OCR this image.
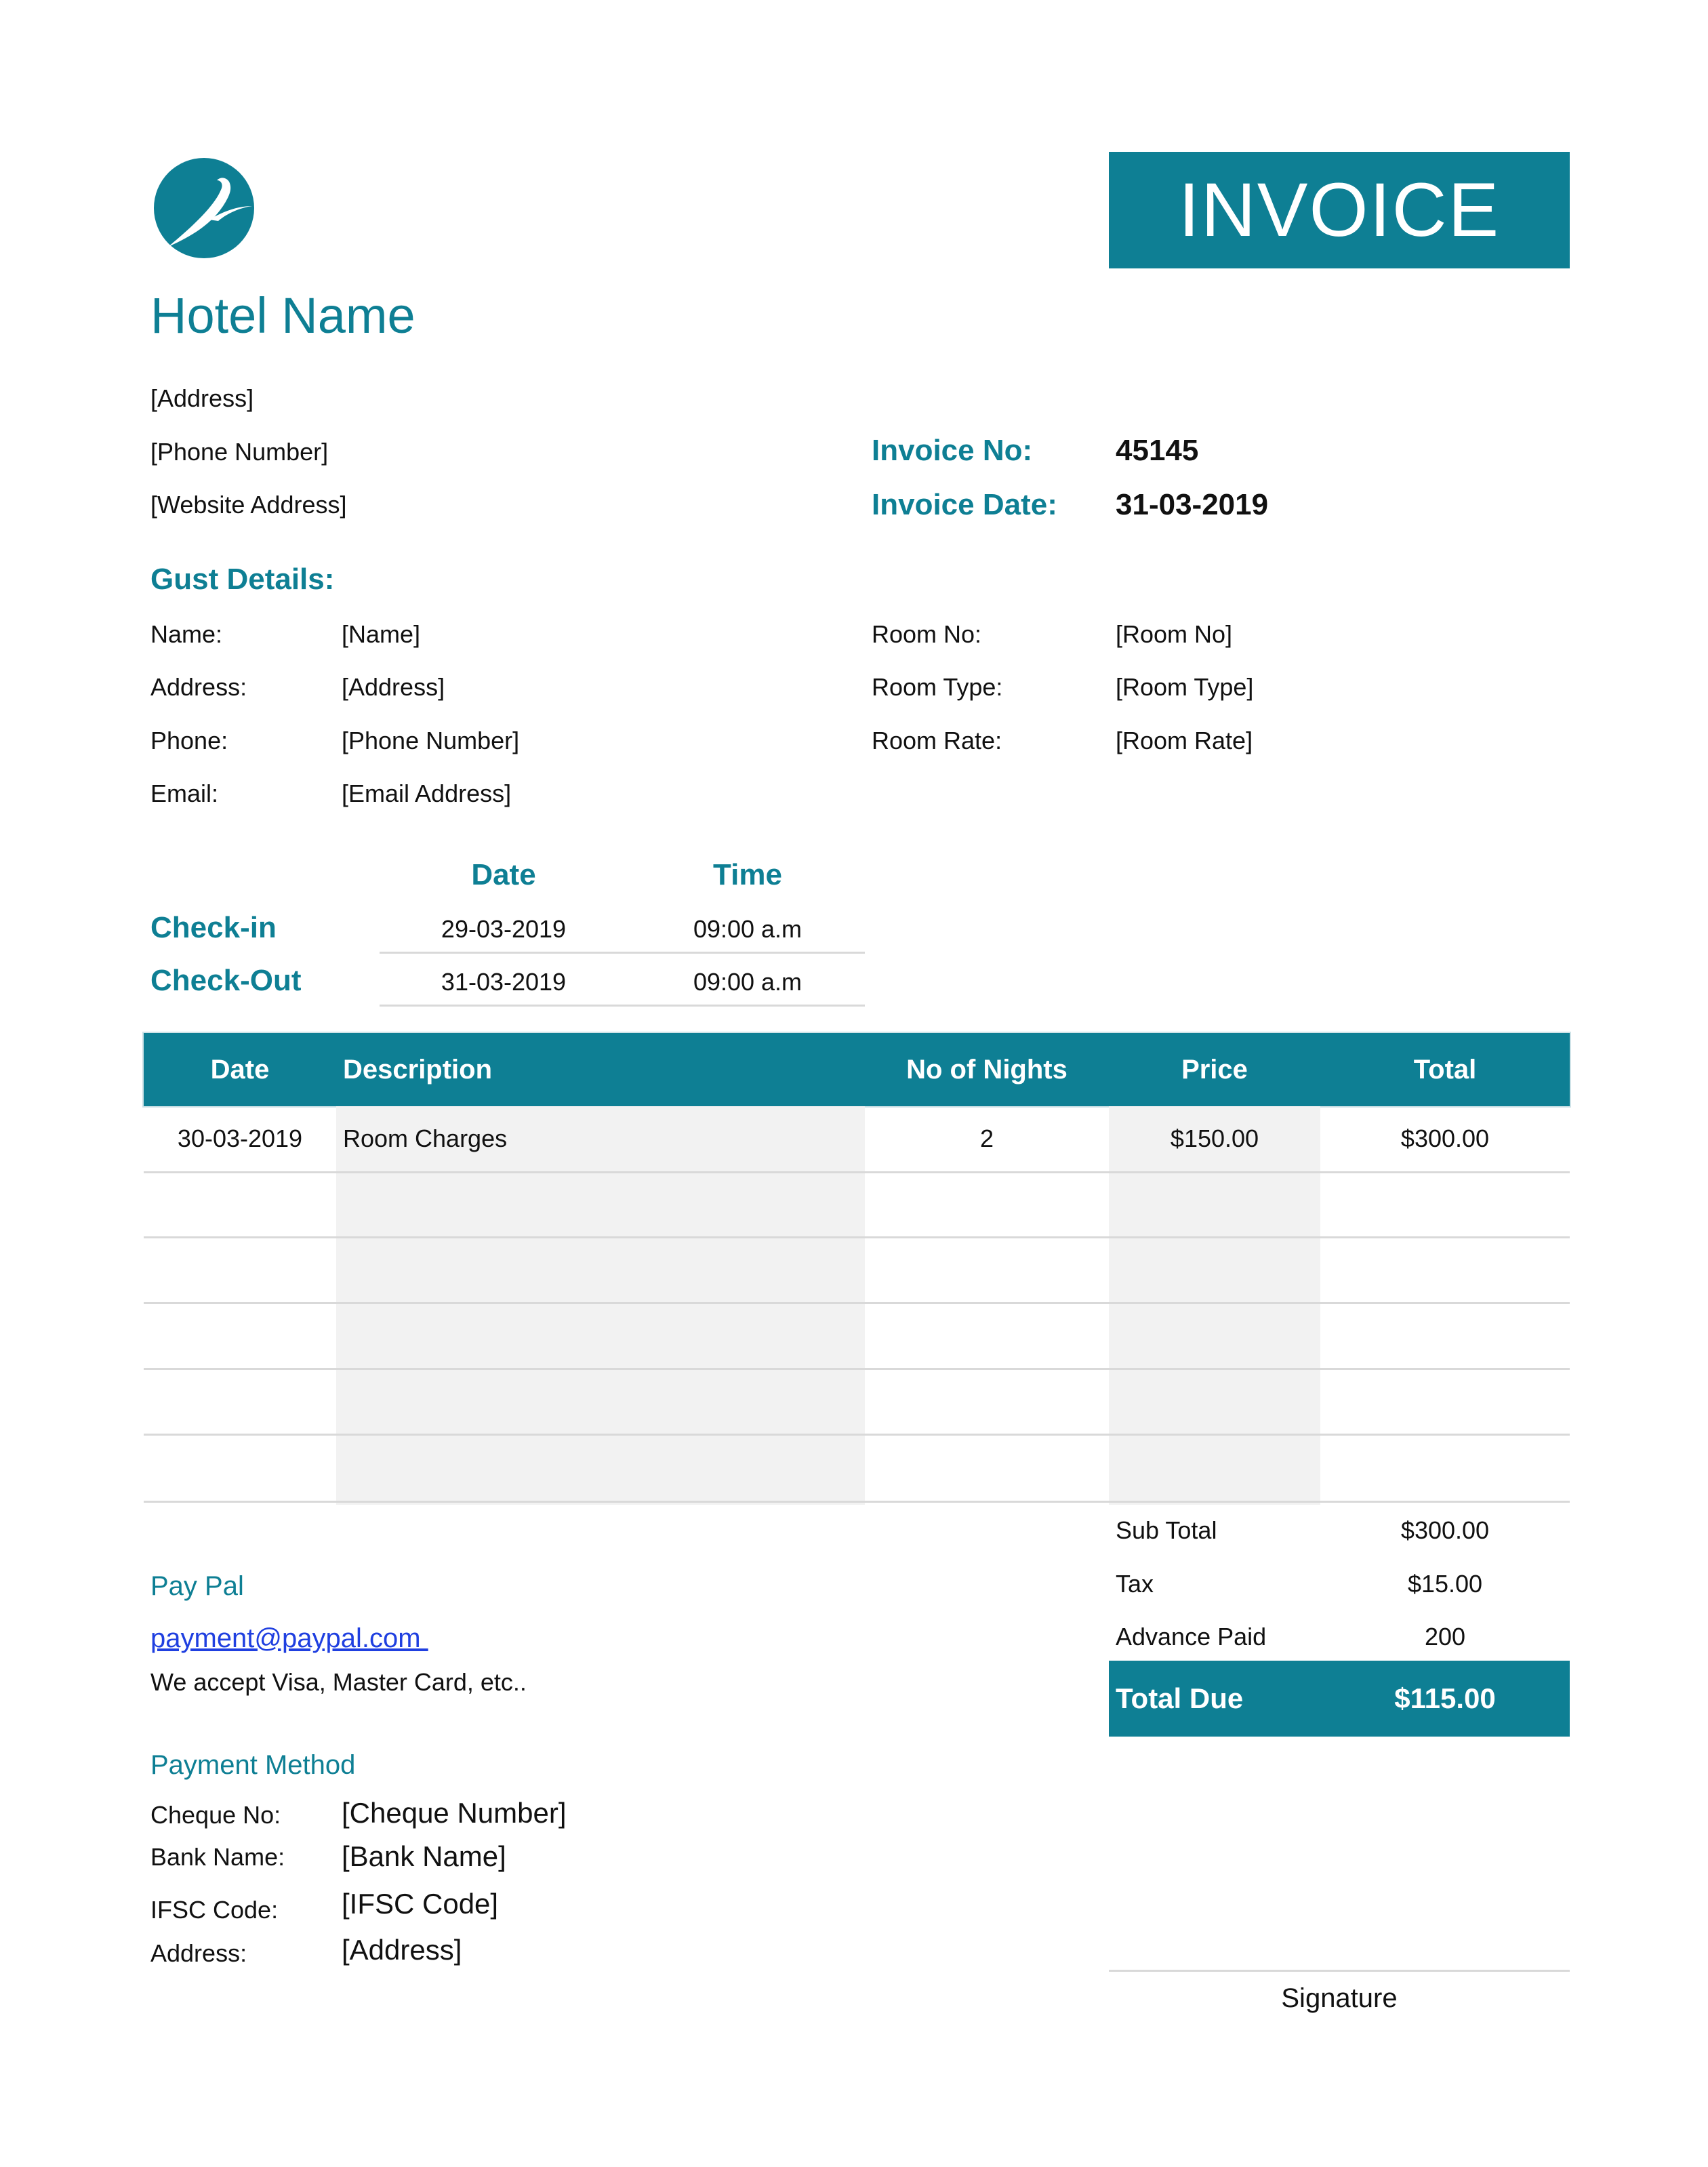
INVOICE
Hotel Name
[Address]
[Phone Number]
[Website Address]
Invoice No:	45145
Invoice Date: 31-03-2019
Gust Details:
Name:	[Name]
Address:	[Address]
Phone:	[Phone Number]
Email:	[Email Address]
Room No:	[Room No]
Room Type:	[Room Type]
Room Rate:	[Room Rate]
Date	Time
Check-in	29-03-2019	09:00 a.m
Check-Out	31-03-2019	09:00 a.m
Date	Description	No of Nights	Price	Total
30-03-2019	Room Charges	2	$150.00	$300.00
Sub Total	$300.00
Tax	$15.00
Advance Paid	200
Total Due	$115.00
Pay Pal
payment@paypal.com
We accept Visa, Master Card, etc..
Payment Method
Cheque No: [Cheque Number]
Bank Name: [Bank Name]
IFSC Code: [IFSC Code]
Address:	[Address]
Signature
